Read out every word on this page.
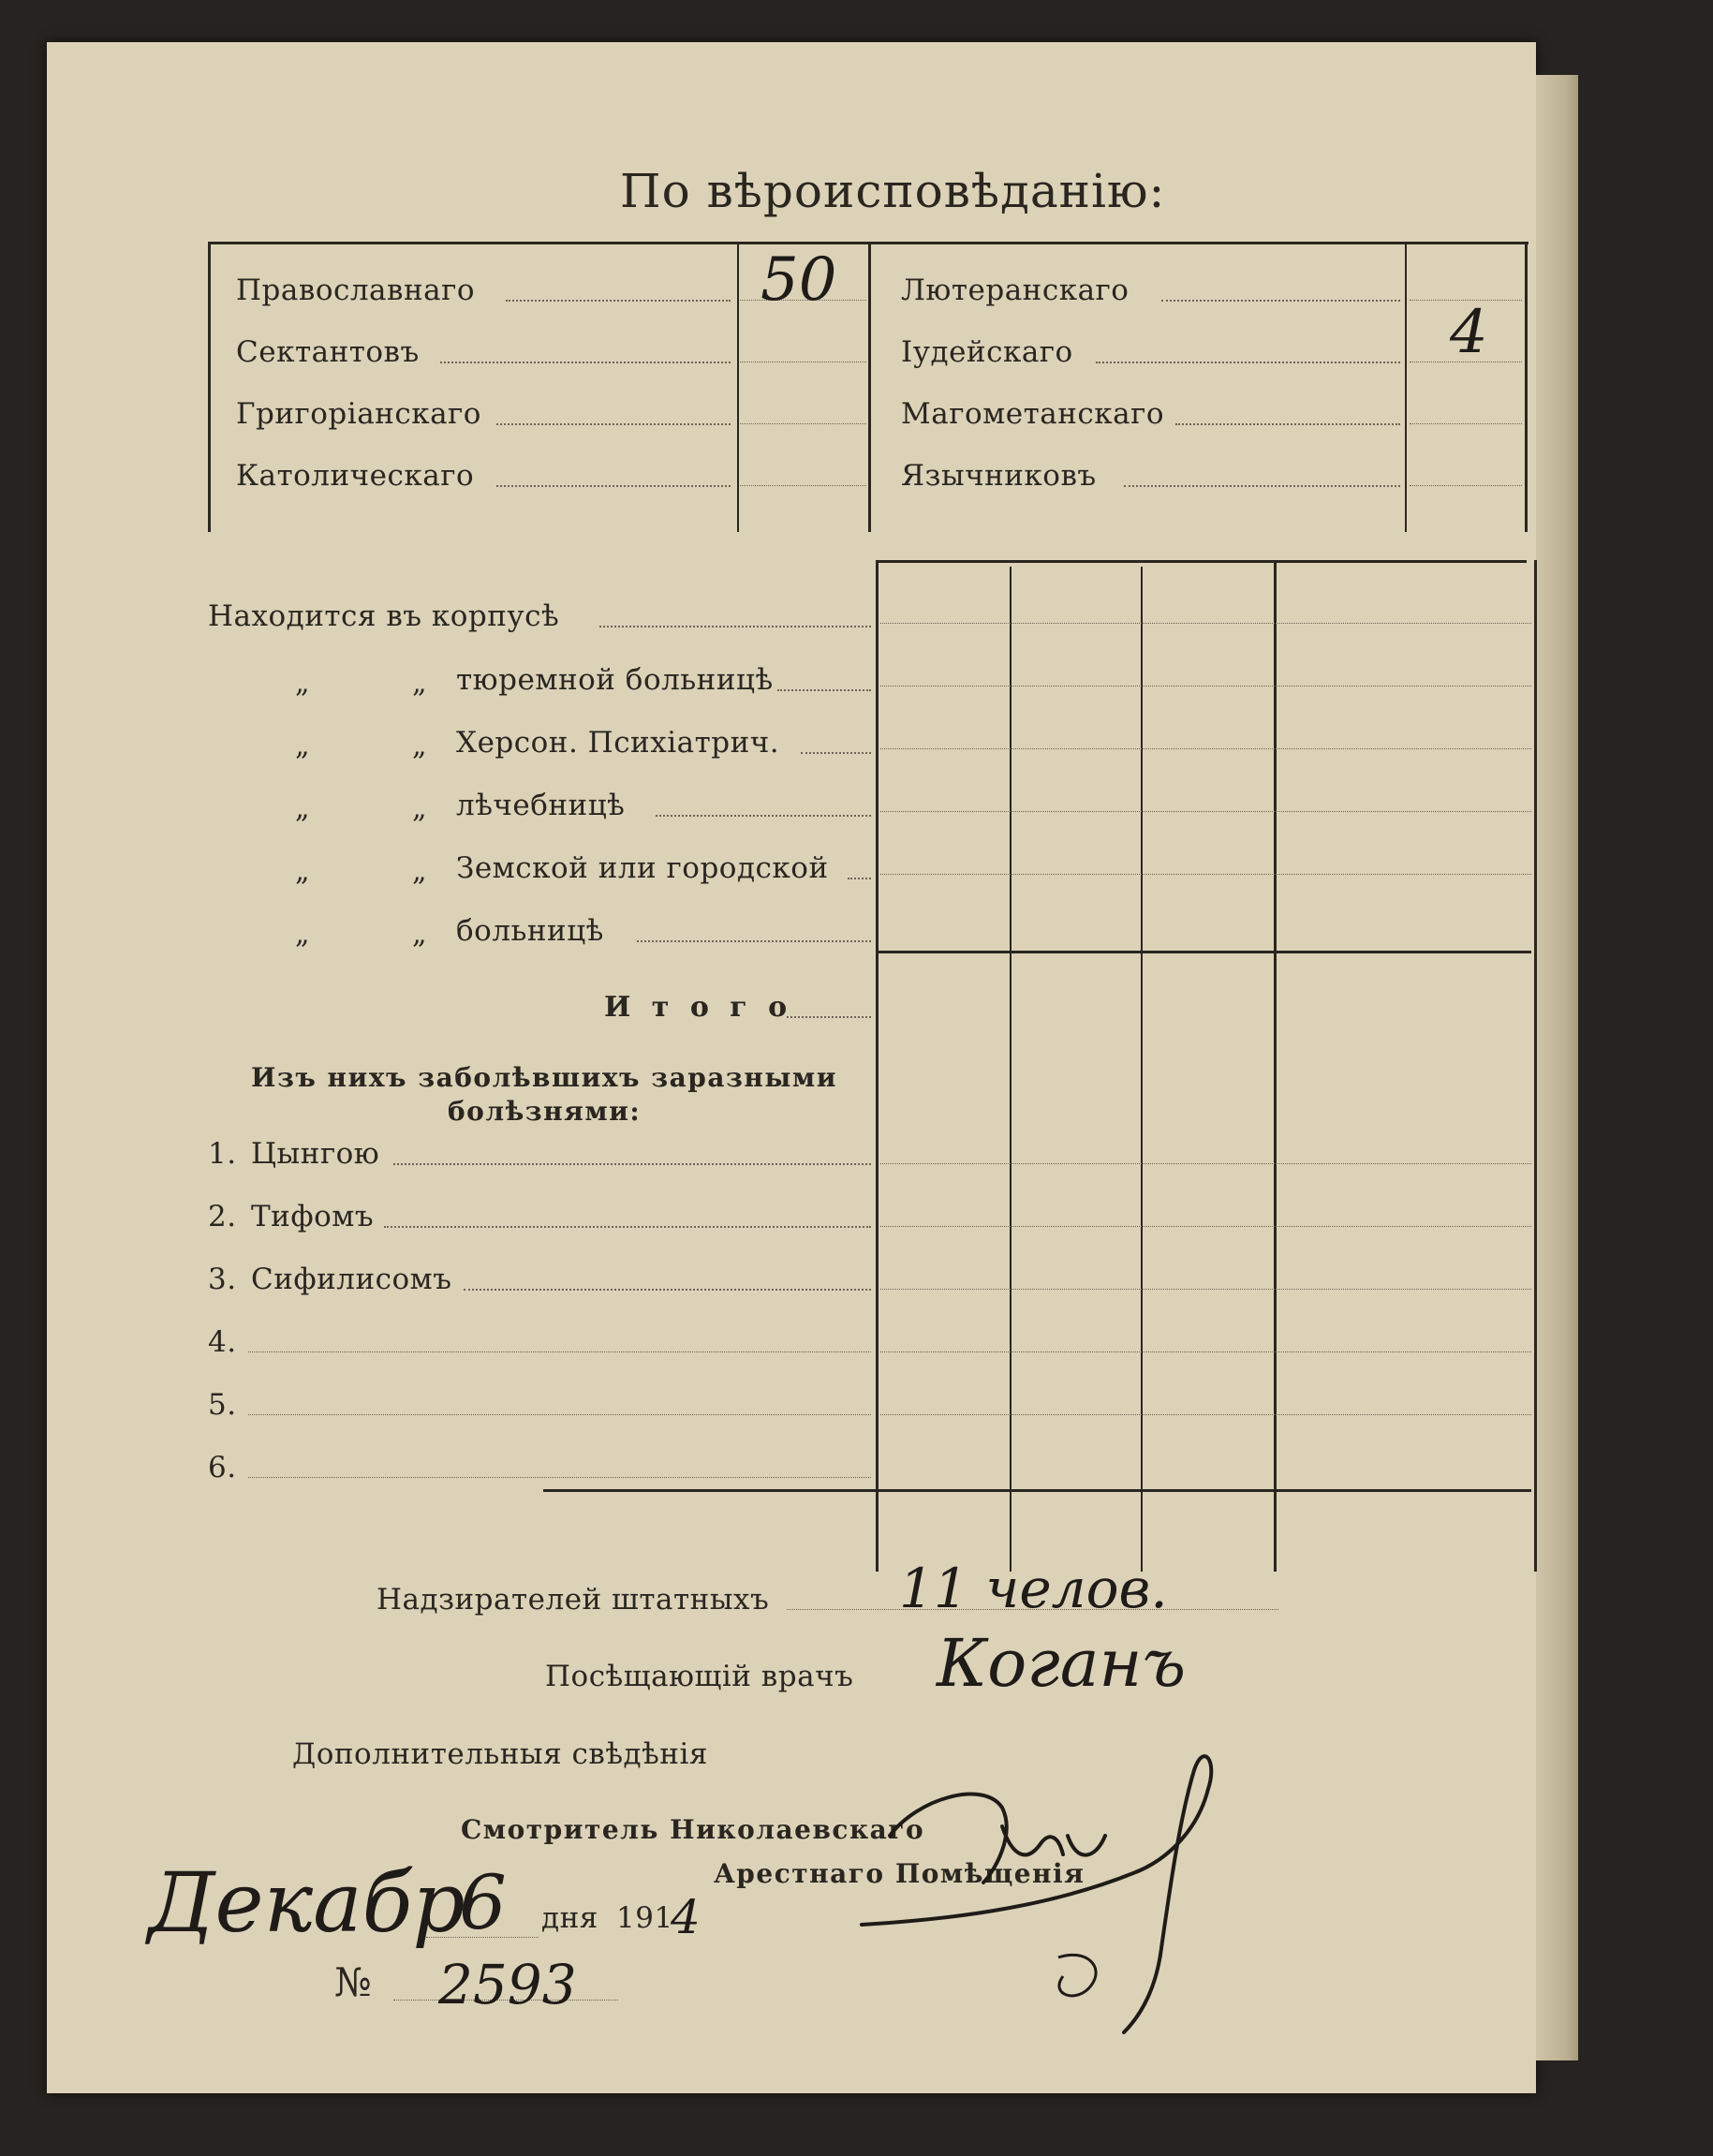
По вѣроисповѣданію:
Православнаго	50
Сектантовъ
Григоріанскаго
Католическаго
Лютеранскаго
Іудейскаго	4
Магометанскаго
Язычниковъ
Находится въ корпусѣ
„	„ тюремной больницѣ
„	„ Херсон. Психіатрич.
„	„ лѣчебницѣ
„	„ Земской или городской
„	„ больницѣ
И т о г о
Изъ нихъ заболѣвшихъ заразными
болѣзнями:
1. Цынгою
2. Тифомъ
3. Сифилисомъ
4.
5.
6.
Надзирателей штатныхъ 11 челов.
Посѣщающій врачъ Коганъ
Дополнительныя свѣдѣнія
Смотритель Николаевскаго
Арестнаго Помѣщенія
Декабр
6 дня 191
4
№ 2593
